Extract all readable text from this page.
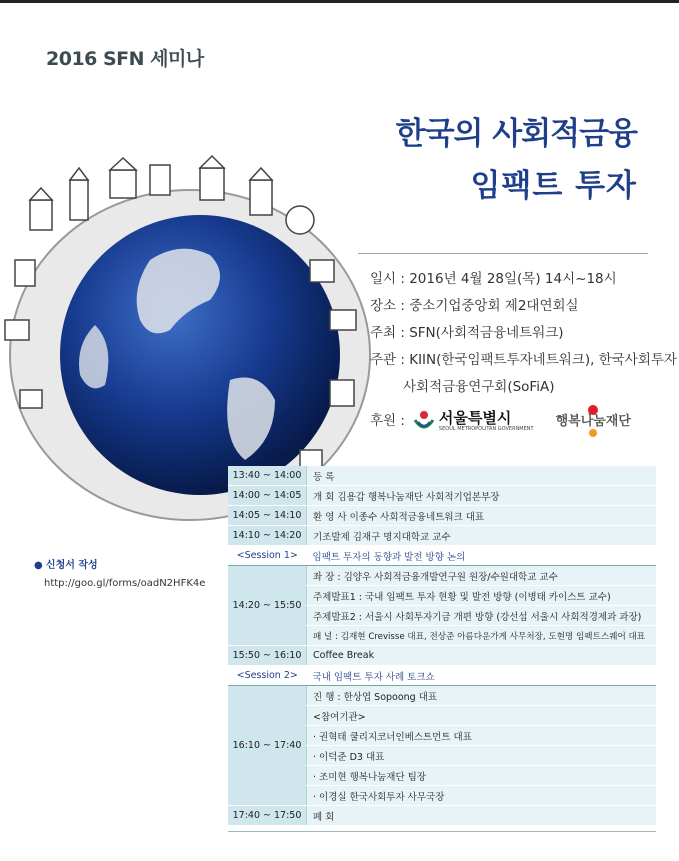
2016 SFN 세미나
한국의 사회적금융
임팩트 투자
일시 : 2016년 4월 28일(목) 14시~18시
장소 : 중소기업중앙회 제2대연회실
주최 : SFN(사회적금융네트워크)
주관 : KIIN(한국임팩트투자네트워크), 한국사회투자
사회적금융연구회(SoFiA)
후원 : 서울특별시
SEOUL METROPOLITAN GOVERNMENT 행복나눔재단
● 신청서 작성
http://goo.gl/forms/oadN2HFK4e
13:40 ~ 14:00	등 록
14:00 ~ 14:05	개 회 김용갑 행복나눔재단 사회적기업본부장
14:05 ~ 14:10	환 영 사 이종수 사회적금융네트워크 대표
14:10 ~ 14:20	기조발제 김재구 명지대학교 교수
<Session 1>	임팩트 투자의 동향과 발전 방향 논의
14:20 ~ 15:50	좌 장 : 김양우 사회적금융개발연구원 원장/수원대학교 교수
	주제발표1 : 국내 임팩트 투자 현황 및 발전 방향 (이병태 카이스트 교수)
	주제발표2 : 서울시 사회투자기금 개편 방향 (강선섭 서울시 사회적경제과 과장)
	패 널 : 김재현 Crevisse 대표, 전상준 아름다운가게 사무처장, 도현명 임팩트스퀘어 대표
15:50 ~ 16:10	Coffee Break
<Session 2>	국내 임팩트 투자 사례 토크쇼
16:10 ~ 17:40	진 행 : 한상엽 Sopoong 대표
	<참여기관>
	· 권혁태 쿨리지코너인베스트먼트 대표
	· 이덕준 D3 대표
	· 조미현 행복나눔재단 팀장
	· 이경실 한국사회투자 사무국장
17:40 ~ 17:50	폐 회
